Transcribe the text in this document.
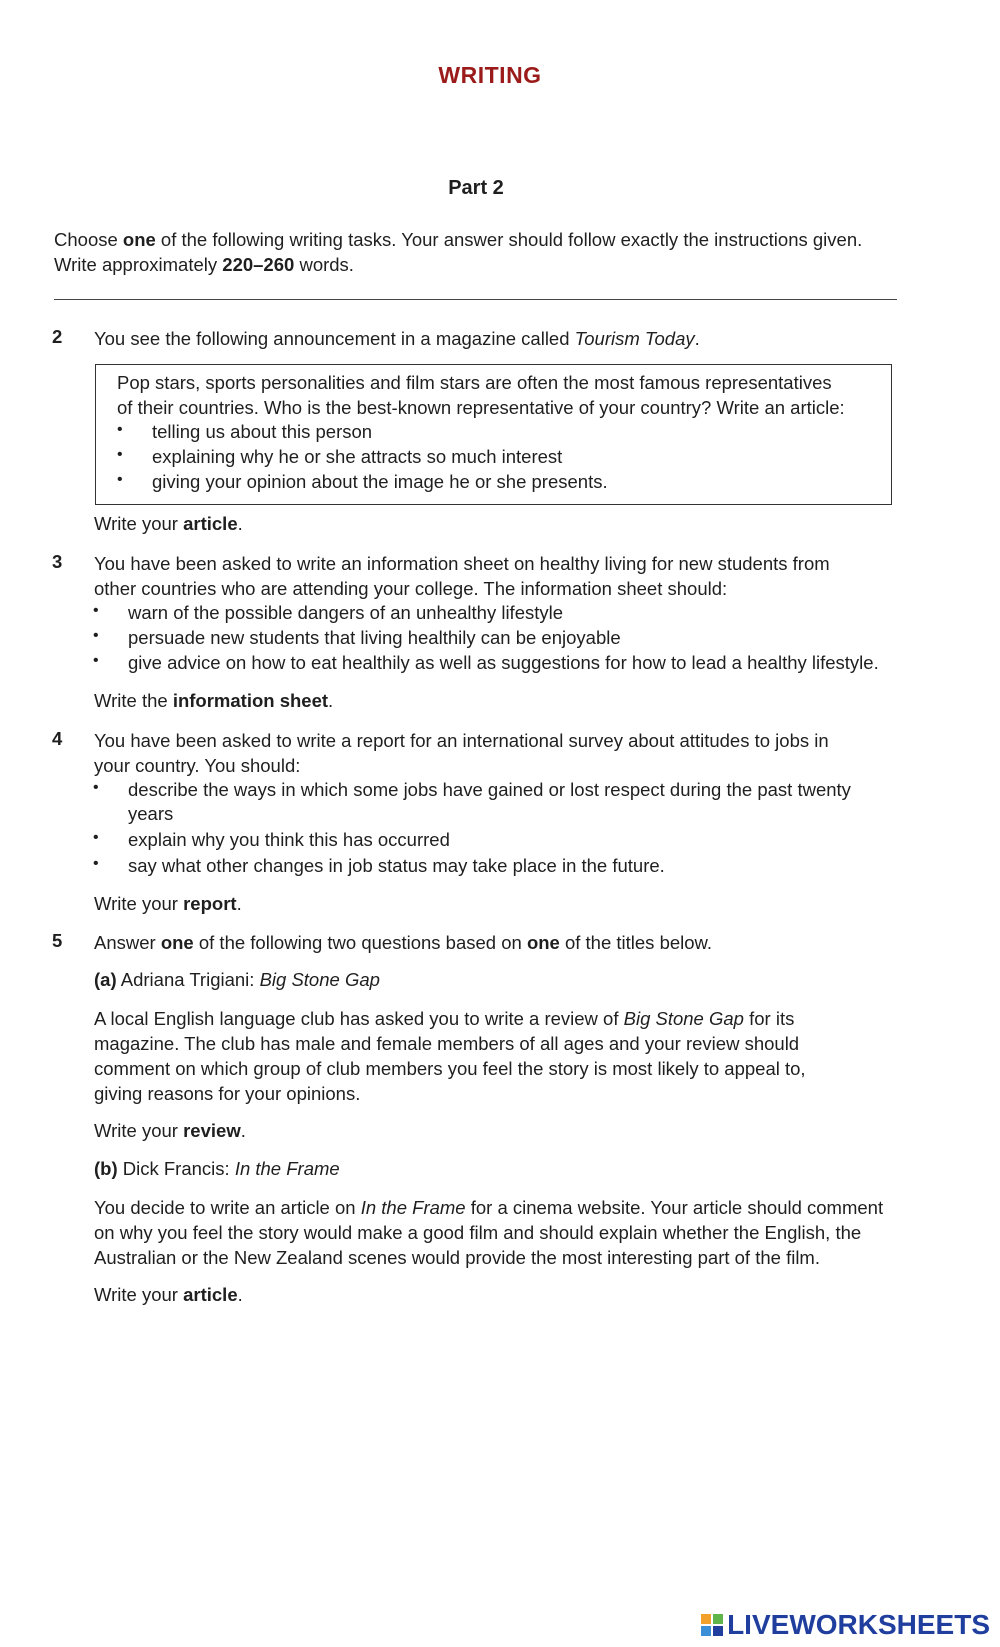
WRITING
Part 2
Choose one of the following writing tasks. Your answer should follow exactly the instructions given.
Write approximately 220–260 words.
2 You see the following announcement in a magazine called Tourism Today.
Pop stars, sports personalities and film stars are often the most famous representatives
of their countries. Who is the best-known representative of your country? Write an article:
• telling us about this person
• explaining why he or she attracts so much interest
• giving your opinion about the image he or she presents.
Write your article.
3 You have been asked to write an information sheet on healthy living for new students from
other countries who are attending your college. The information sheet should:
• warn of the possible dangers of an unhealthy lifestyle
• persuade new students that living healthily can be enjoyable
• give advice on how to eat healthily as well as suggestions for how to lead a healthy lifestyle.
Write the information sheet.
4 You have been asked to write a report for an international survey about attitudes to jobs in
your country. You should:
• describe the ways in which some jobs have gained or lost respect during the past twenty
years
• explain why you think this has occurred
• say what other changes in job status may take place in the future.
Write your report.
5 Answer one of the following two questions based on one of the titles below.
(a) Adriana Trigiani: Big Stone Gap
A local English language club has asked you to write a review of Big Stone Gap for its
magazine. The club has male and female members of all ages and your review should
comment on which group of club members you feel the story is most likely to appeal to,
giving reasons for your opinions.
Write your review.
(b) Dick Francis: In the Frame
You decide to write an article on In the Frame for a cinema website. Your article should comment
on why you feel the story would make a good film and should explain whether the English, the
Australian or the New Zealand scenes would provide the most interesting part of the film.
Write your article.
LIVEWORKSHEETS
